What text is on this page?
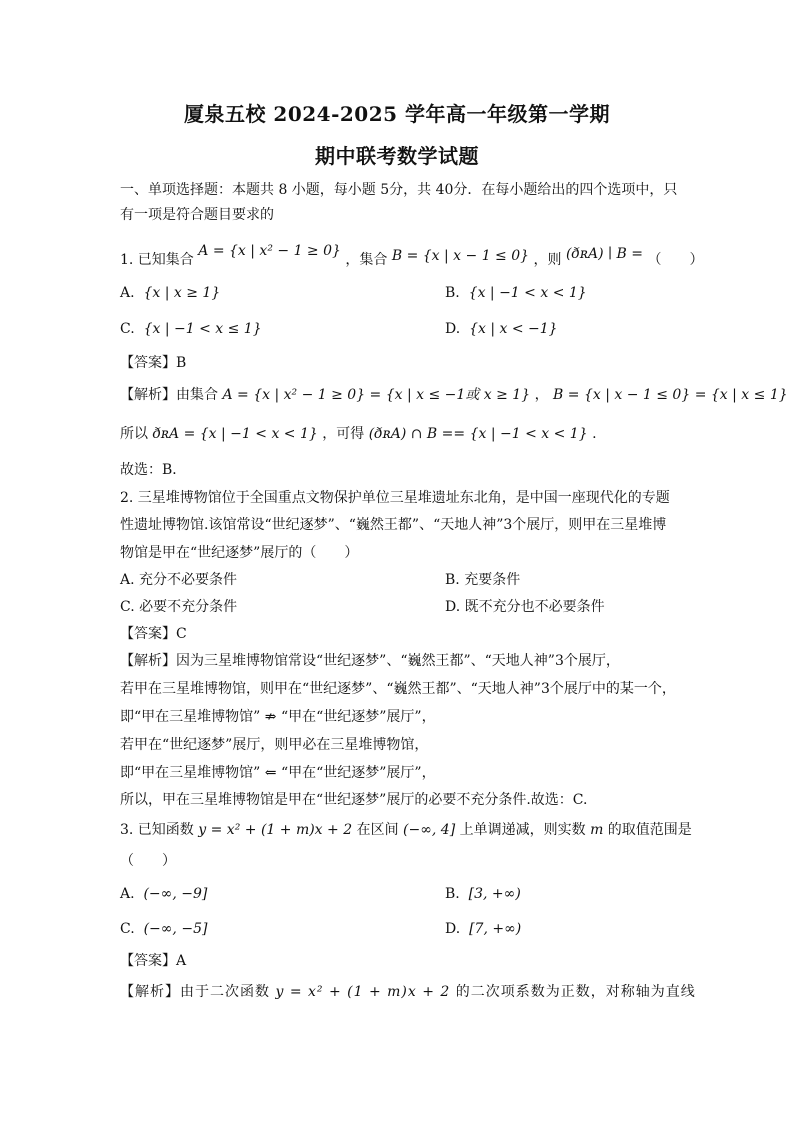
厦泉五校 2024-2025 学年高一年级第一学期
期中联考数学试题
一、单项选择题：本题共 8 小题，每小题 5分，共 40分．在每小题给出的四个选项中，只
有一项是符合题目要求的
1. 已知集合 A = {x | x² − 1 ≥ 0} ，集合 B = {x | x − 1 ≤ 0} ，则 (ðʀA) ∣ B = （　　）
A. {x | x ≥ 1}	B. {x | −1 < x < 1}
C. {x | −1 < x ≤ 1}	D. {x | x < −1}
【答案】B
【解析】由集合 A = {x | x² − 1 ≥ 0} = {x | x ≤ −1或 x ≥ 1} ， B = {x | x − 1 ≤ 0} = {x | x ≤ 1}
所以 ðʀA = {x | −1 < x < 1} ，可得 (ðʀA) ∩ B == {x | −1 < x < 1} .
故选：B．
2. 三星堆博物馆位于全国重点文物保护单位三星堆遗址东北角，是中国一座现代化的专题
性遗址博物馆.该馆常设“世纪逐梦”、“巍然王都”、“天地人神”3个展厅，则甲在三星堆博
物馆是甲在“世纪逐梦”展厅的（　　）
A. 充分不必要条件	B. 充要条件
C. 必要不充分条件	D. 既不充分也不必要条件
【答案】C
【解析】因为三星堆博物馆常设“世纪逐梦”、“巍然王都”、“天地人神”3个展厅，
若甲在三星堆博物馆，则甲在“世纪逐梦”、“巍然王都”、“天地人神”3个展厅中的某一个，
即“甲在三星堆博物馆” ⇏ “甲在“世纪逐梦”展厅”，
若甲在“世纪逐梦”展厅，则甲必在三星堆博物馆，
即“甲在三星堆博物馆” ⇐ “甲在“世纪逐梦”展厅”，
所以，甲在三星堆博物馆是甲在“世纪逐梦”展厅的必要不充分条件.故选：C.
3. 已知函数 y = x² + (1 + m)x + 2 在区间 (−∞, 4] 上单调递减，则实数 m 的取值范围是
（　　）
A. (−∞, −9]	B. [3, +∞)
C. (−∞, −5]	D. [7, +∞)
【答案】A
【解析】由于二次函数 y = x² + (1 + m)x + 2 的二次项系数为正数，对称轴为直线
